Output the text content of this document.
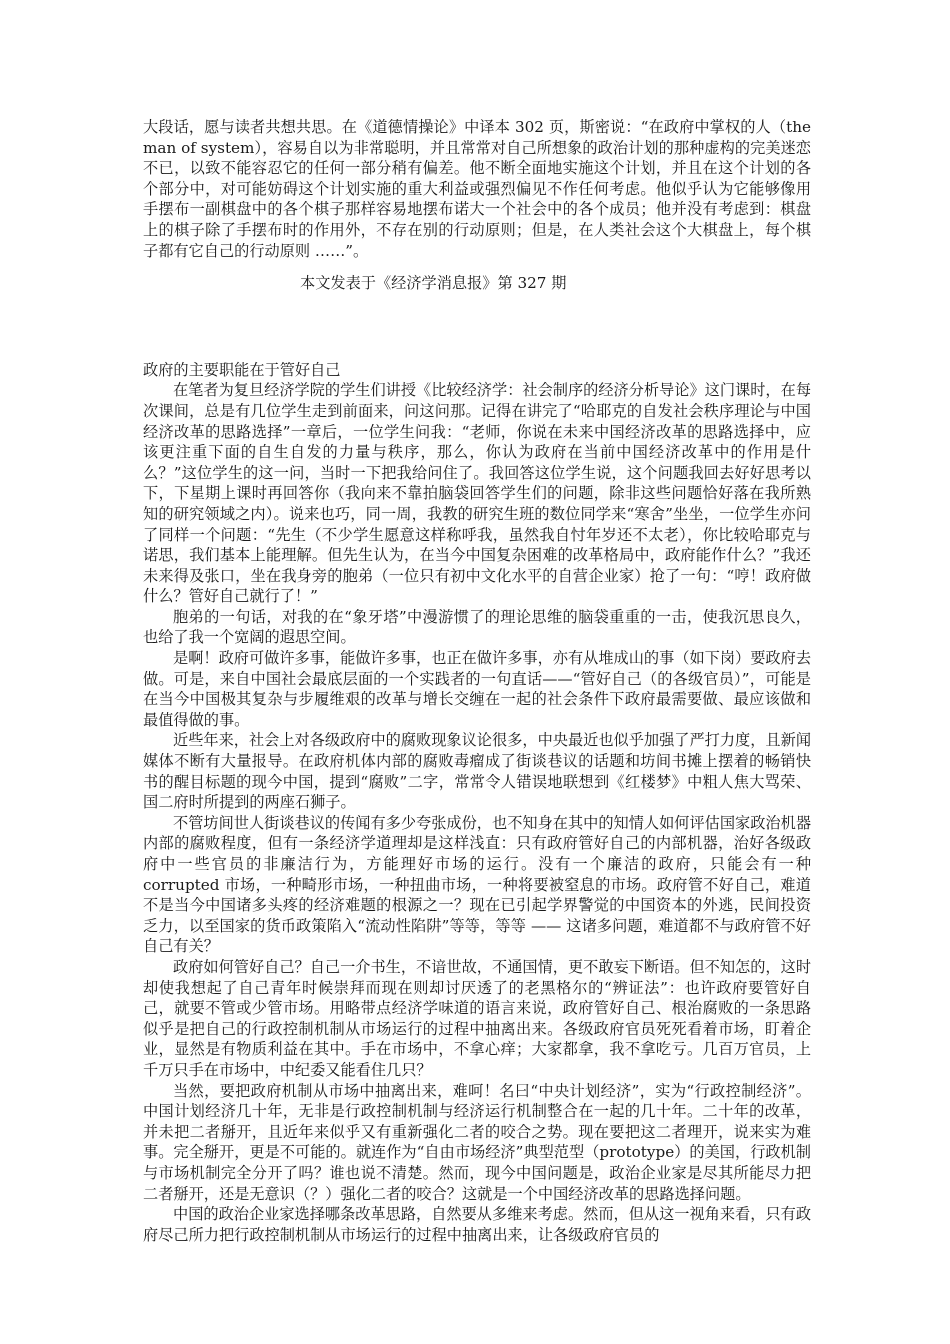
大段话，愿与读者共想共思。在《道德情操论》中译本 302 页，斯密说：“在政府中掌权的人（the man of system），容易自以为非常聪明，并且常常对自己所想象的政治计划的那种虚构的完美迷恋不已，以致不能容忍它的任何一部分稍有偏差。他不断全面地实施这个计划，并且在这个计划的各个部分中，对可能妨碍这个计划实施的重大利益或强烈偏见不作任何考虑。他似乎认为它能够像用手摆布一副棋盘中的各个棋子那样容易地摆布诺大一个社会中的各个成员；他并没有考虑到：棋盘上的棋子除了手摆布时的作用外，不存在别的行动原则；但是，在人类社会这个大棋盘上，每个棋子都有它自己的行动原则 ……”。

本文发表于《经济学消息报》第 327 期

政府的主要职能在于管好自己

在笔者为复旦经济学院的学生们讲授《比较经济学：社会制序的经济分析导论》这门课时，在每次课间，总是有几位学生走到前面来，问这问那。记得在讲完了“哈耶克的自发社会秩序理论与中国经济改革的思路选择”一章后，一位学生问我：“老师，你说在未来中国经济改革的思路选择中，应该更注重下面的自生自发的力量与秩序，那么，你认为政府在当前中国经济改革中的作用是什么？”这位学生的这一问，当时一下把我给问住了。我回答这位学生说，这个问题我回去好好思考以下，下星期上课时再回答你（我向来不靠拍脑袋回答学生们的问题，除非这些问题恰好落在我所熟知的研究领域之内）。说来也巧，同一周，我教的研究生班的数位同学来“寒舍”坐坐，一位学生亦问了同样一个问题：“先生（不少学生愿意这样称呼我，虽然我自忖年岁还不太老），你比较哈耶克与诺思，我们基本上能理解。但先生认为，在当今中国复杂困难的改革格局中，政府能作什么？”我还未来得及张口，坐在我身旁的胞弟（一位只有初中文化水平的自营企业家）抢了一句：“哼！政府做什么？管好自己就行了！”

胞弟的一句话，对我的在“象牙塔”中漫游惯了的理论思维的脑袋重重的一击，使我沉思良久，也给了我一个宽阔的遐思空间。

是啊！政府可做许多事，能做许多事，也正在做许多事，亦有从堆成山的事（如下岗）要政府去做。可是，来自中国社会最底层面的一个实践者的一句直话——“管好自己（的各级官员）”，可能是在当今中国极其复杂与步履维艰的改革与增长交缠在一起的社会条件下政府最需要做、最应该做和最值得做的事。

近些年来，社会上对各级政府中的腐败现象议论很多，中央最近也似乎加强了严打力度，且新闻媒体不断有大量报导。在政府机体内部的腐败毒瘤成了街谈巷议的话题和坊间书摊上摆着的畅销快书的醒目标题的现今中国，提到“腐败”二字，常常令人错误地联想到《红楼梦》中粗人焦大骂荣、国二府时所提到的两座石狮子。

不管坊间世人街谈巷议的传闻有多少夸张成份，也不知身在其中的知情人如何评估国家政治机器内部的腐败程度，但有一条经济学道理却是这样浅直：只有政府管好自己的内部机器，治好各级政府中一些官员的非廉洁行为，方能理好市场的运行。没有一个廉洁的政府，只能会有一种 corrupted 市场，一种畸形市场，一种扭曲市场，一种将要被窒息的市场。政府管不好自己，难道不是当今中国诸多头疼的经济难题的根源之一？现在已引起学界警觉的中国资本的外逃，民间投资乏力，以至国家的货币政策陷入“流动性陷阱”等等，等等 —— 这诸多问题，难道都不与政府管不好自己有关？

政府如何管好自己？自己一介书生，不谙世故，不通国情，更不敢妄下断语。但不知怎的，这时却使我想起了自己青年时候崇拜而现在则却讨厌透了的老黑格尔的“辨证法”：也许政府要管好自己，就要不管或少管市场。用略带点经济学味道的语言来说，政府管好自己、根治腐败的一条思路似乎是把自己的行政控制机制从市场运行的过程中抽离出来。各级政府官员死死看着市场，盯着企业，显然是有物质利益在其中。手在市场中，不拿心痒；大家都拿，我不拿吃亏。几百万官员，上千万只手在市场中，中纪委又能看住几只？

当然，要把政府机制从市场中抽离出来，难呵！名曰“中央计划经济”，实为“行政控制经济”。中国计划经济几十年，无非是行政控制机制与经济运行机制整合在一起的几十年。二十年的改革，并未把二者掰开，且近年来似乎又有重新强化二者的咬合之势。现在要把这二者理开，说来实为难事。完全掰开，更是不可能的。就连作为“自由市场经济”典型范型（prototype）的美国，行政机制与市场机制完全分开了吗？谁也说不清楚。然而，现今中国问题是，政治企业家是尽其所能尽力把二者掰开，还是无意识（？）强化二者的咬合？这就是一个中国经济改革的思路选择问题。

中国的政治企业家选择哪条改革思路，自然要从多维来考虑。然而，但从这一视角来看，只有政府尽己所力把行政控制机制从市场运行的过程中抽离出来，让各级政府官员的
